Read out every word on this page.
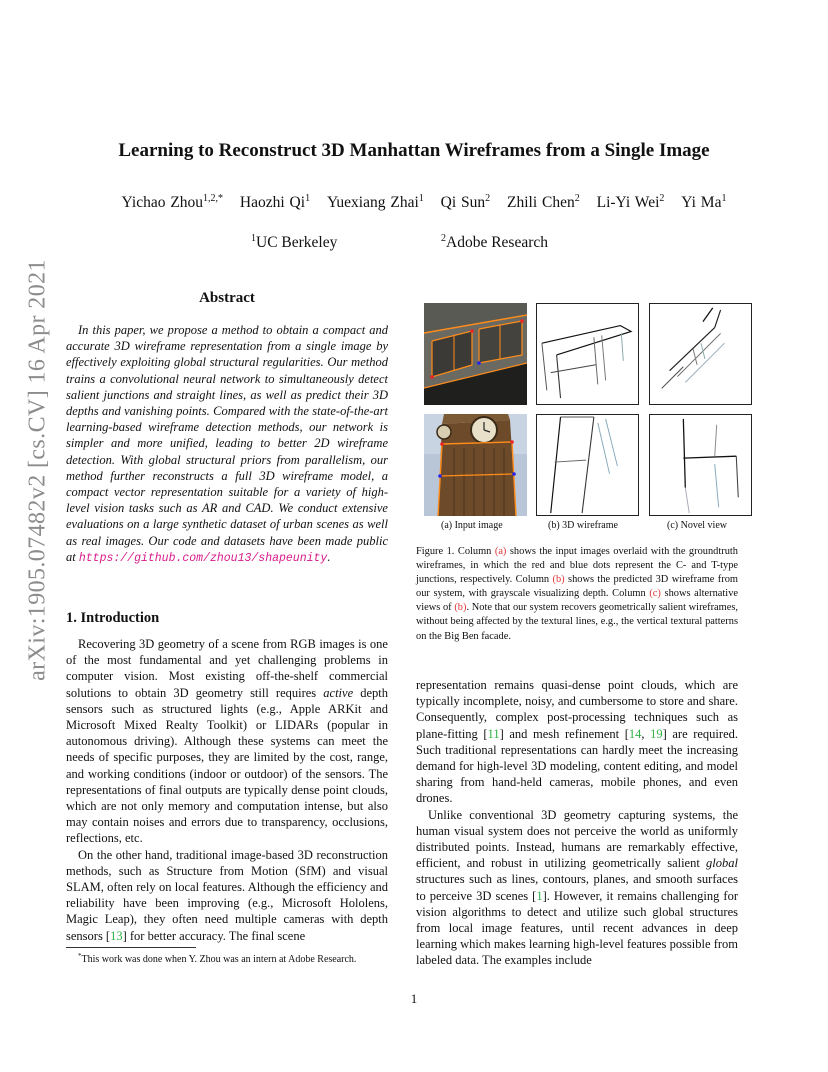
arXiv:1905.07482v2 [cs.CV] 16 Apr 2021
Learning to Reconstruct 3D Manhattan Wireframes from a Single Image
Yichao Zhou$^{1,2,*}$ Haozhi Qi$^1$ Yuexiang Zhai$^1$ Qi Sun$^2$ Zhili Chen$^2$ Li-Yi Wei$^2$ Yi Ma$^1$
$^1$UC Berkeley	$^2$Adobe Research
Abstract
In this paper, we propose a method to obtain a compact and accurate 3D wireframe representation from a single image by effectively exploiting global structural regularities. Our method trains a convolutional neural network to simultaneously detect salient junctions and straight lines, as well as predict their 3D depths and vanishing points. Compared with the state-of-the-art learning-based wireframe detection methods, our network is simpler and more unified, leading to better 2D wireframe detection. With global structural priors from parallelism, our method further reconstructs a full 3D wireframe model, a compact vector representation suitable for a variety of high-level vision tasks such as AR and CAD. We conduct extensive evaluations on a large synthetic dataset of urban scenes as well as real images. Our code and datasets have been made public at https://github.com/zhou13/shapeunity.
1. Introduction

Recovering 3D geometry of a scene from RGB images is one of the most fundamental and yet challenging problems in computer vision. Most existing off-the-shelf commercial solutions to obtain 3D geometry still requires active depth sensors such as structured lights (e.g., Apple ARKit and Microsoft Mixed Realty Toolkit) or LIDARs (popular in autonomous driving). Although these systems can meet the needs of specific purposes, they are limited by the cost, range, and working conditions (indoor or outdoor) of the sensors. The representations of final outputs are typically dense point clouds, which are not only memory and computation intense, but also may contain noises and errors due to transparency, occlusions, reflections, etc.

On the other hand, traditional image-based 3D reconstruction methods, such as Structure from Motion (SfM) and visual SLAM, often rely on local features. Although the efficiency and reliability have been improving (e.g., Microsoft Hololens, Magic Leap), they often need multiple cameras with depth sensors [13] for better accuracy. The final scene

*This work was done when Y. Zhou was an intern at Adobe Research.
1
(a) Input image	(b) 3D wireframe	(c) Novel view
Figure 1. Column (a) shows the input images overlaid with the groundtruth wireframes, in which the red and blue dots represent the C- and T-type junctions, respectively. Column (b) shows the predicted 3D wireframe from our system, with grayscale visualizing depth. Column (c) shows alternative views of (b). Note that our system recovers geometrically salient wireframes, without being affected by the textural lines, e.g., the vertical textural patterns on the Big Ben facade.

representation remains quasi-dense point clouds, which are typically incomplete, noisy, and cumbersome to store and share. Consequently, complex post-processing techniques such as plane-fitting [11] and mesh refinement [14, 19] are required. Such traditional representations can hardly meet the increasing demand for high-level 3D modeling, content editing, and model sharing from hand-held cameras, mobile phones, and even drones.

Unlike conventional 3D geometry capturing systems, the human visual system does not perceive the world as uniformly distributed points. Instead, humans are remarkably effective, efficient, and robust in utilizing geometrically salient global structures such as lines, contours, planes, and smooth surfaces to perceive 3D scenes [1]. However, it remains challenging for vision algorithms to detect and utilize such global structures from local image features, until recent advances in deep learning which makes learning high-level features possible from labeled data. The examples include
